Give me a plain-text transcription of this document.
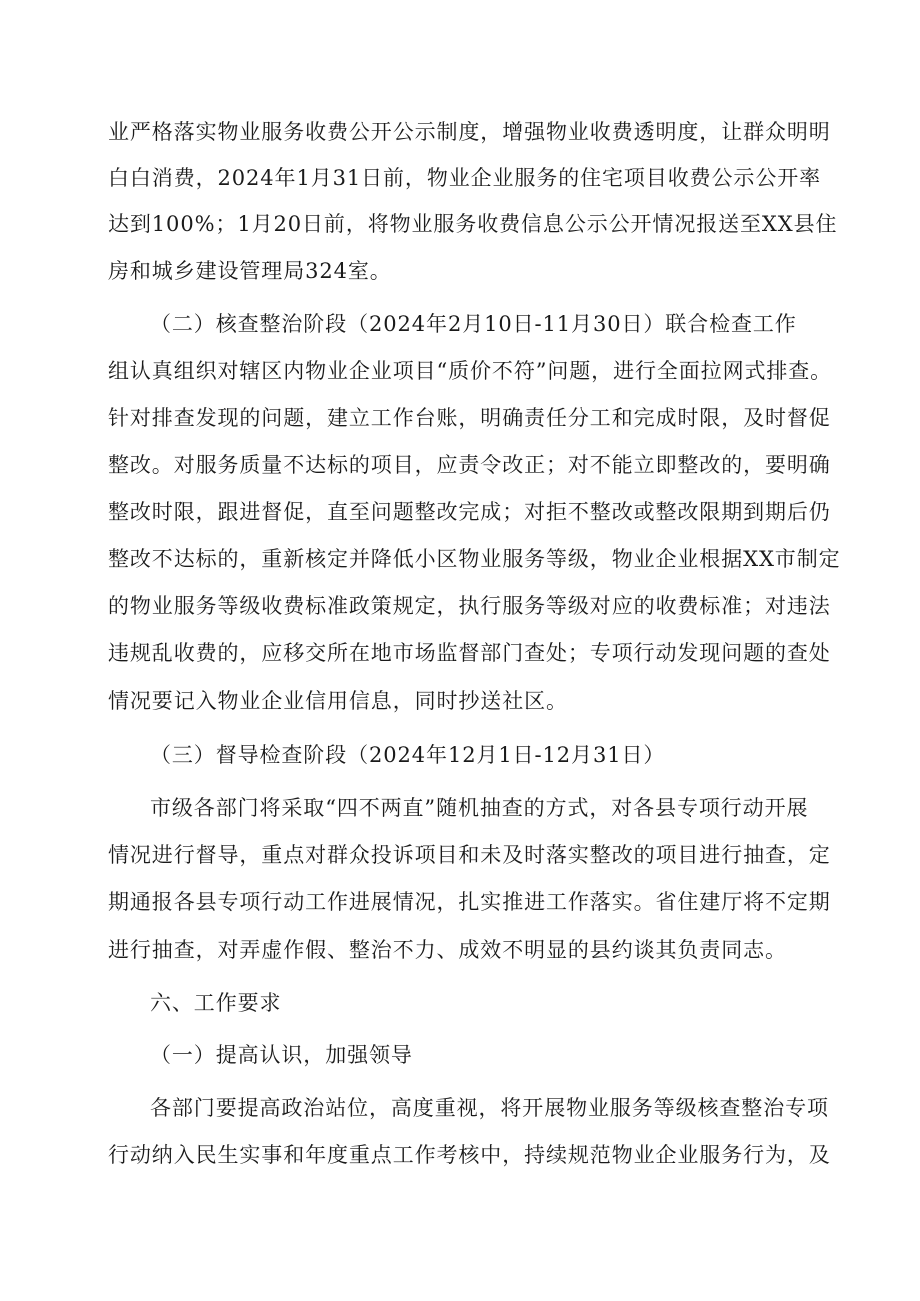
业严格落实物业服务收费公开公示制度，增强物业收费透明度，让群众明明
白白消费，2024年1月31日前，物业企业服务的住宅项目收费公示公开率
达到100%；1月20日前，将物业服务收费信息公示公开情况报送至XX县住
房和城乡建设管理局324室。
（二）核查整治阶段（2024年2月10日-11月30日）联合检查工作
组认真组织对辖区内物业企业项目“质价不符”问题，进行全面拉网式排查。
针对排查发现的问题，建立工作台账，明确责任分工和完成时限，及时督促
整改。对服务质量不达标的项目，应责令改正；对不能立即整改的，要明确
整改时限，跟进督促，直至问题整改完成；对拒不整改或整改限期到期后仍
整改不达标的，重新核定并降低小区物业服务等级，物业企业根据XX市制定
的物业服务等级收费标准政策规定，执行服务等级对应的收费标准；对违法
违规乱收费的，应移交所在地市场监督部门查处；专项行动发现问题的查处
情况要记入物业企业信用信息，同时抄送社区。
（三）督导检查阶段（2024年12月1日-12月31日）
市级各部门将采取“四不两直”随机抽查的方式，对各县专项行动开展
情况进行督导，重点对群众投诉项目和未及时落实整改的项目进行抽查，定
期通报各县专项行动工作进展情况，扎实推进工作落实。省住建厅将不定期
进行抽查，对弄虚作假、整治不力、成效不明显的县约谈其负责同志。
六、工作要求
（一）提高认识，加强领导
各部门要提高政治站位，高度重视，将开展物业服务等级核查整治专项
行动纳入民生实事和年度重点工作考核中，持续规范物业企业服务行为，及
